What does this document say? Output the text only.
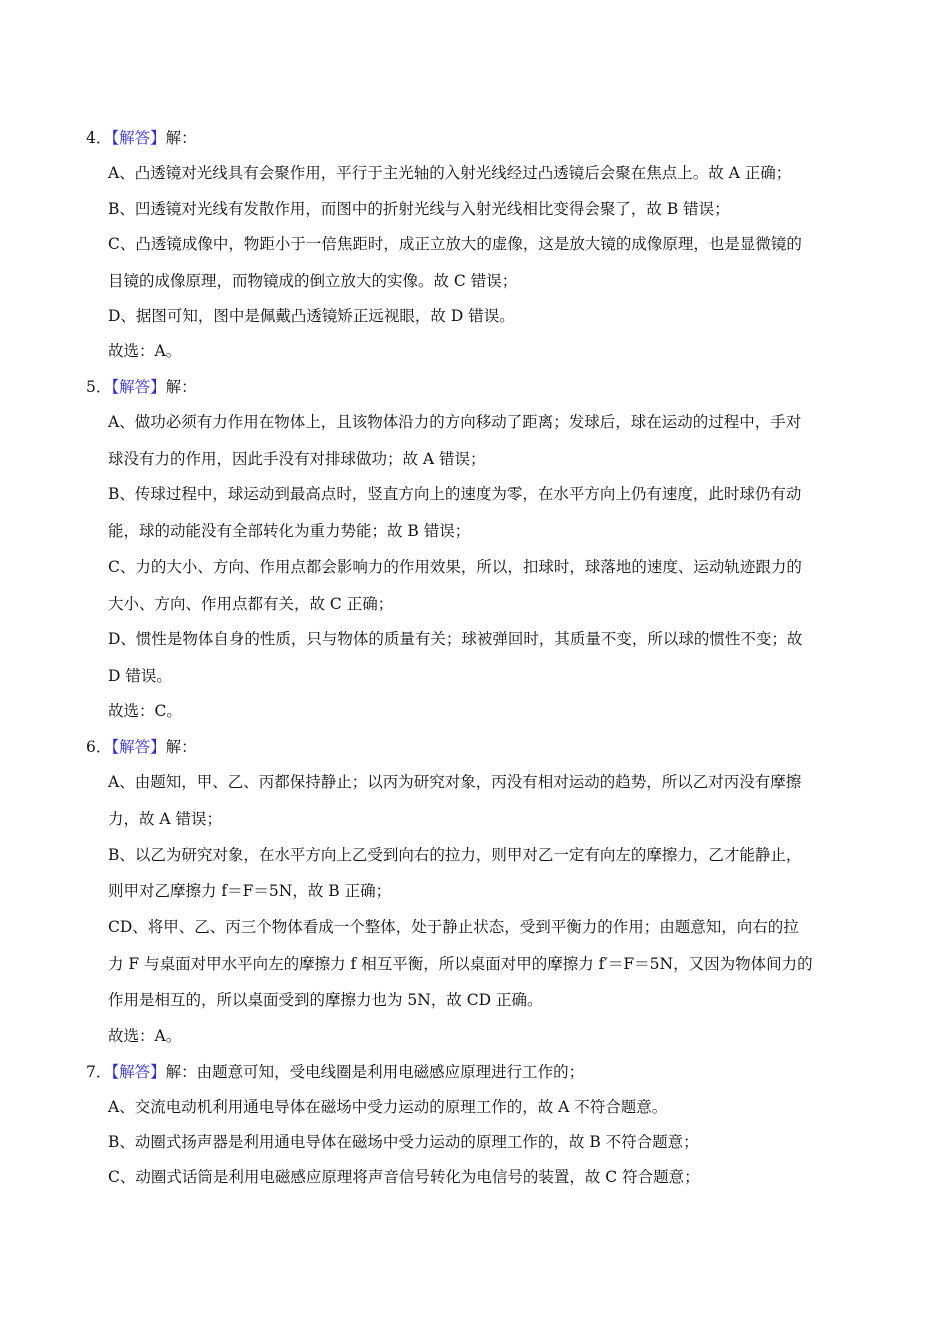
4．【解答】解：
A、凸透镜对光线具有会聚作用，平行于主光轴的入射光线经过凸透镜后会聚在焦点上。故 A 正确；
B、凹透镜对光线有发散作用，而图中的折射光线与入射光线相比变得会聚了，故 B 错误；
C、凸透镜成像中，物距小于一倍焦距时，成正立放大的虚像，这是放大镜的成像原理，也是显微镜的
目镜的成像原理，而物镜成的倒立放大的实像。故 C 错误；
D、据图可知，图中是佩戴凸透镜矫正远视眼，故 D 错误。
故选：A。
5．【解答】解：
A、做功必须有力作用在物体上，且该物体沿力的方向移动了距离；发球后，球在运动的过程中，手对
球没有力的作用，因此手没有对排球做功；故 A 错误；
B、传球过程中，球运动到最高点时，竖直方向上的速度为零，在水平方向上仍有速度，此时球仍有动
能，球的动能没有全部转化为重力势能；故 B 错误；
C、力的大小、方向、作用点都会影响力的作用效果，所以，扣球时，球落地的速度、运动轨迹跟力的
大小、方向、作用点都有关，故 C 正确；
D、惯性是物体自身的性质，只与物体的质量有关；球被弹回时，其质量不变，所以球的惯性不变；故
D 错误。
故选：C。
6．【解答】解：
A、由题知，甲、乙、丙都保持静止；以丙为研究对象，丙没有相对运动的趋势，所以乙对丙没有摩擦
力，故 A 错误；
B、以乙为研究对象，在水平方向上乙受到向右的拉力，则甲对乙一定有向左的摩擦力，乙才能静止，
则甲对乙摩擦力 f＝F＝5N，故 B 正确；
CD、将甲、乙、丙三个物体看成一个整体，处于静止状态，受到平衡力的作用；由题意知，向右的拉
力 F 与桌面对甲水平向左的摩擦力 f 相互平衡，所以桌面对甲的摩擦力 f′＝F＝5N，又因为物体间力的
作用是相互的，所以桌面受到的摩擦力也为 5N，故 CD 正确。
故选：A。
7．【解答】解：由题意可知，受电线圈是利用电磁感应原理进行工作的；
A、交流电动机利用通电导体在磁场中受力运动的原理工作的，故 A 不符合题意。
B、动圈式扬声器是利用通电导体在磁场中受力运动的原理工作的，故 B 不符合题意；
C、动圈式话筒是利用电磁感应原理将声音信号转化为电信号的装置，故 C 符合题意；
